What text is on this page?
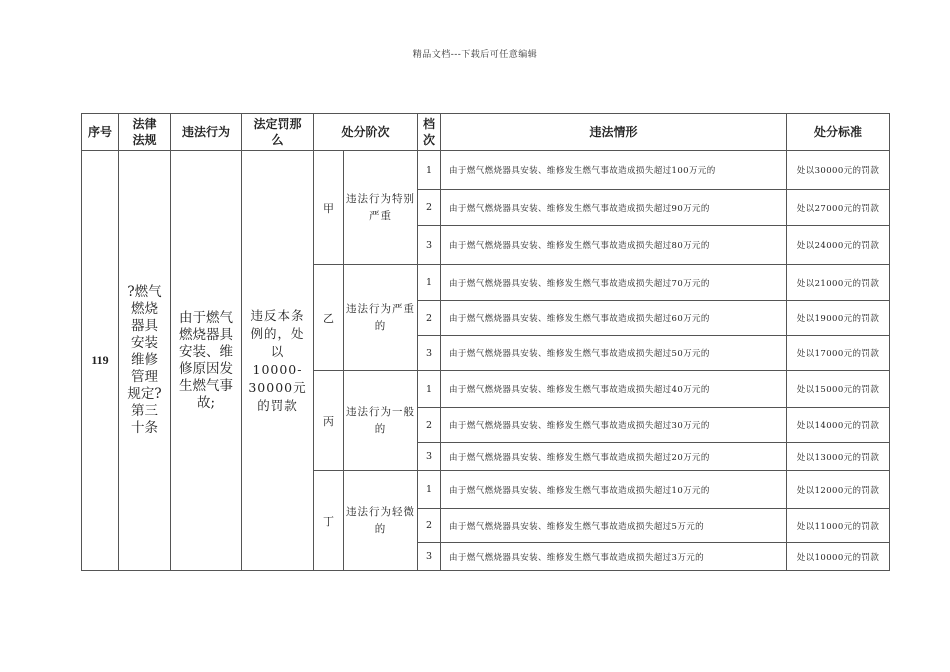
精品文档---下载后可任意编辑
序号	法律法规	违法行为	法定罚那么	处分阶次		档次	违法情形	处分标准
119	?燃气燃烧器具安装维修管理规定?第三十条	由于燃气燃烧器具安装、维修原因发生燃气事故;	违反本条例的，处以10000-30000元的罚款	甲	违法行为特别严重	1	由于燃气燃烧器具安装、维修发生燃气事故造成损失超过100万元的	处以30000元的罚款
						2	由于燃气燃烧器具安装、维修发生燃气事故造成损失超过90万元的	处以27000元的罚款
						3	由于燃气燃烧器具安装、维修发生燃气事故造成损失超过80万元的	处以24000元的罚款
				乙	违法行为严重的	1	由于燃气燃烧器具安装、维修发生燃气事故造成损失超过70万元的	处以21000元的罚款
						2	由于燃气燃烧器具安装、维修发生燃气事故造成损失超过60万元的	处以19000元的罚款
						3	由于燃气燃烧器具安装、维修发生燃气事故造成损失超过50万元的	处以17000元的罚款
				丙	违法行为一般的	1	由于燃气燃烧器具安装、维修发生燃气事故造成损失超过40万元的	处以15000元的罚款
						2	由于燃气燃烧器具安装、维修发生燃气事故造成损失超过30万元的	处以14000元的罚款
						3	由于燃气燃烧器具安装、维修发生燃气事故造成损失超过20万元的	处以13000元的罚款
				丁	违法行为轻微的	1	由于燃气燃烧器具安装、维修发生燃气事故造成损失超过10万元的	处以12000元的罚款
						2	由于燃气燃烧器具安装、维修发生燃气事故造成损失超过5万元的	处以11000元的罚款
						3	由于燃气燃烧器具安装、维修发生燃气事故造成损失超过3万元的	处以10000元的罚款
